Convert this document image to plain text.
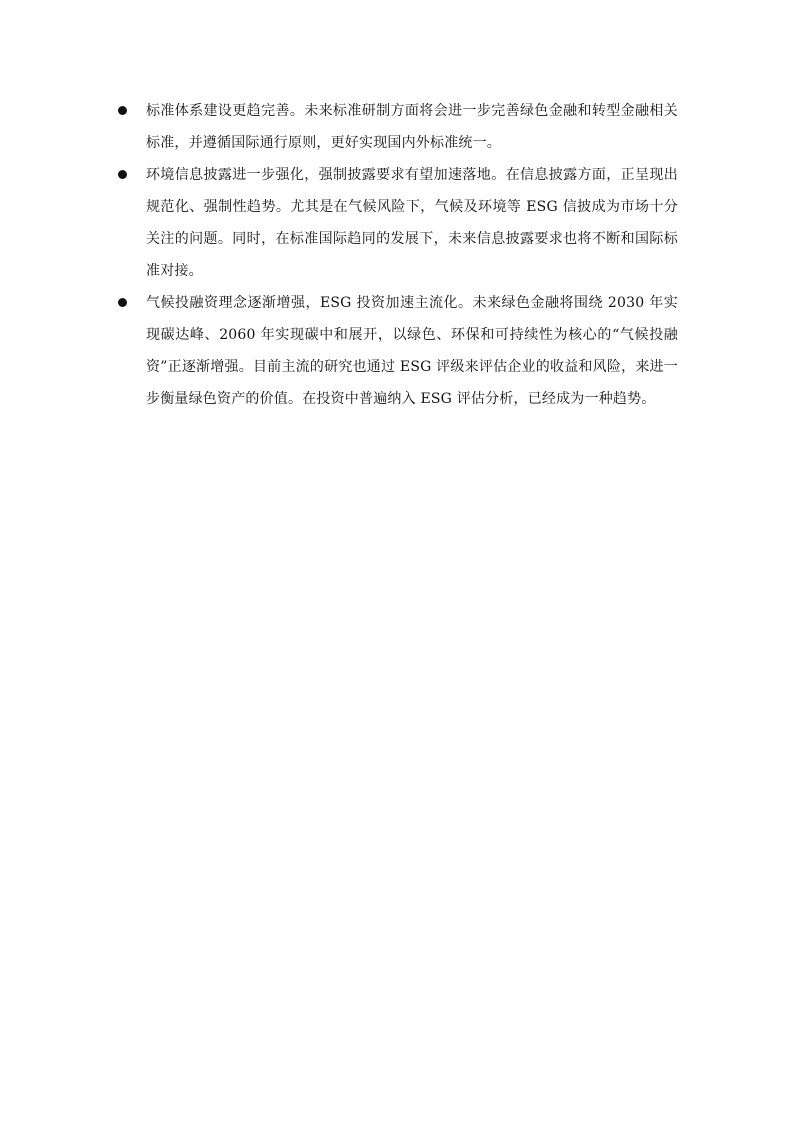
标准体系建设更趋完善。未来标准研制方面将会进一步完善绿色金融和转型金融相关标准，并遵循国际通行原则，更好实现国内外标准统一。
环境信息披露进一步强化，强制披露要求有望加速落地。在信息披露方面，正呈现出规范化、强制性趋势。尤其是在气候风险下，气候及环境等 ESG 信披成为市场十分关注的问题。同时，在标准国际趋同的发展下，未来信息披露要求也将不断和国际标准对接。
气候投融资理念逐渐增强，ESG 投资加速主流化。未来绿色金融将围绕 2030 年实现碳达峰、2060 年实现碳中和展开，以绿色、环保和可持续性为核心的“气候投融资”正逐渐增强。目前主流的研究也通过 ESG 评级来评估企业的收益和风险，来进一步衡量绿色资产的价值。在投资中普遍纳入 ESG 评估分析，已经成为一种趋势。
